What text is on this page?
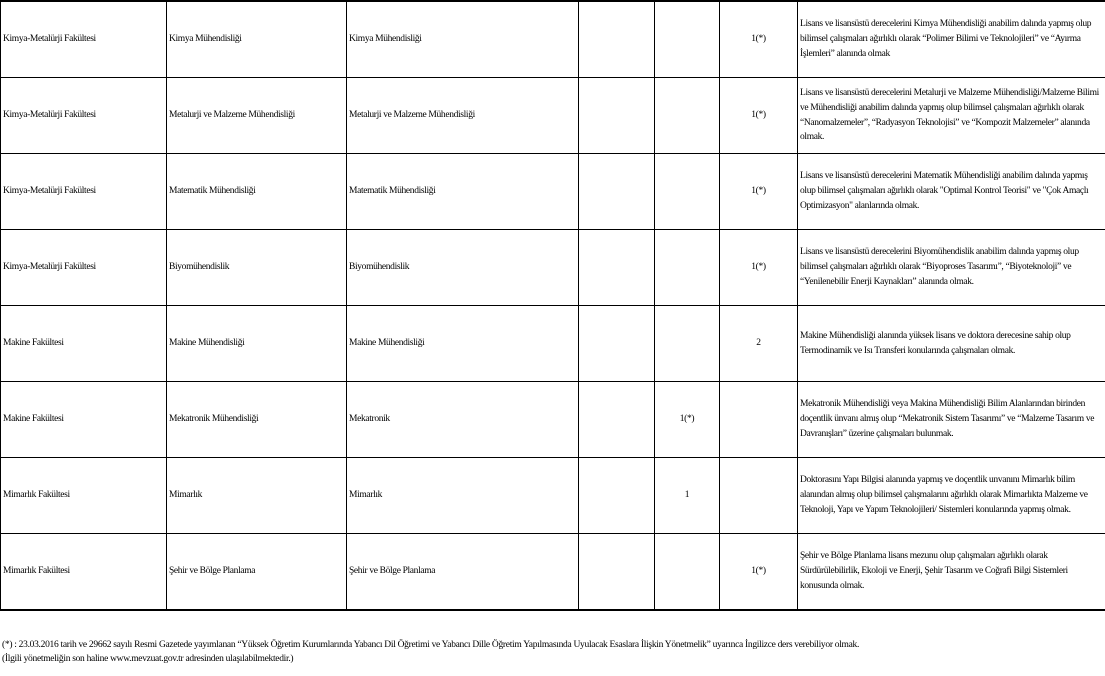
Kimya-Metalürji Fakültesi	Kimya Mühendisliği	Kimya Mühendisliği			1(*)	Lisans ve lisansüstü derecelerini Kimya Mühendisliği anabilim dalında yapmış olup bilimsel çalışmaları ağırlıklı olarak “Polimer Bilimi ve Teknolojileri” ve “Ayırma İşlemleri” alanında olmak
Kimya-Metalürji Fakültesi	Metalurji ve Malzeme Mühendisliği	Metalurji ve Malzeme Mühendisliği			1(*)	Lisans ve lisansüstü derecelerini Metalurji ve Malzeme Mühendisliği/Malzeme Bilimi ve Mühendisliği anabilim dalında yapmış olup bilimsel çalışmaları ağırlıklı olarak “Nanomalzemeler”, “Radyasyon Teknolojisi” ve “Kompozit Malzemeler” alanında olmak.
Kimya-Metalürji Fakültesi	Matematik Mühendisliği	Matematik Mühendisliği			1(*)	Lisans ve lisansüstü derecelerini Matematik Mühendisliği anabilim dalında yapmış olup bilimsel çalışmaları ağırlıklı olarak "Optimal Kontrol Teorisi" ve "Çok Amaçlı Optimizasyon" alanlarında olmak.
Kimya-Metalürji Fakültesi	Biyomühendislik	Biyomühendislik			1(*)	Lisans ve lisansüstü derecelerini Biyomühendislik anabilim dalında yapmış olup bilimsel çalışmaları ağırlıklı olarak “Biyoproses Tasarımı”, “Biyoteknoloji” ve “Yenilenebilir Enerji Kaynakları” alanında olmak.
Makine Fakültesi	Makine Mühendisliği	Makine Mühendisliği			2	Makine Mühendisliği alanında yüksek lisans ve doktora derecesine sahip olup Termodinamik ve Isı Transferi konularında çalışmaları olmak.
Makine Fakültesi	Mekatronik Mühendisliği	Mekatronik		1(*)		Mekatronik Mühendisliği veya Makina Mühendisliği Bilim Alanlarından birinden doçentlik ünvanı almış olup “Mekatronik Sistem Tasarımı” ve “Malzeme Tasarım ve Davranışları” üzerine çalışmaları bulunmak.
Mimarlık Fakültesi	Mimarlık	Mimarlık		1		Doktorasını Yapı Bilgisi alanında yapmış ve doçentlik unvanını Mimarlık bilim alanından almış olup bilimsel çalışmalarını ağırlıklı olarak Mimarlıkta Malzeme ve Teknoloji, Yapı ve Yapım Teknolojileri/ Sistemleri konularında yapmış olmak.
Mimarlık Fakültesi	Şehir ve Bölge Planlama	Şehir ve Bölge Planlama			1(*)	Şehir ve Bölge Planlama lisans mezunu olup çalışmaları ağırlıklı olarak Sürdürülebilirlik, Ekoloji ve Enerji, Şehir Tasarım ve Coğrafi Bilgi Sistemleri konusunda olmak.
(*) : 23.03.2016 tarih ve 29662 sayılı Resmi Gazetede yayımlanan “Yüksek Öğretim Kurumlarında Yabancı Dil Öğretimi ve Yabancı Dille Öğretim Yapılmasında Uyulacak Esaslara İlişkin Yönetmelik” uyarınca İngilizce ders verebiliyor olmak.
(İlgili yönetmeliğin son haline www.mevzuat.gov.tr adresinden ulaşılabilmektedir.)
